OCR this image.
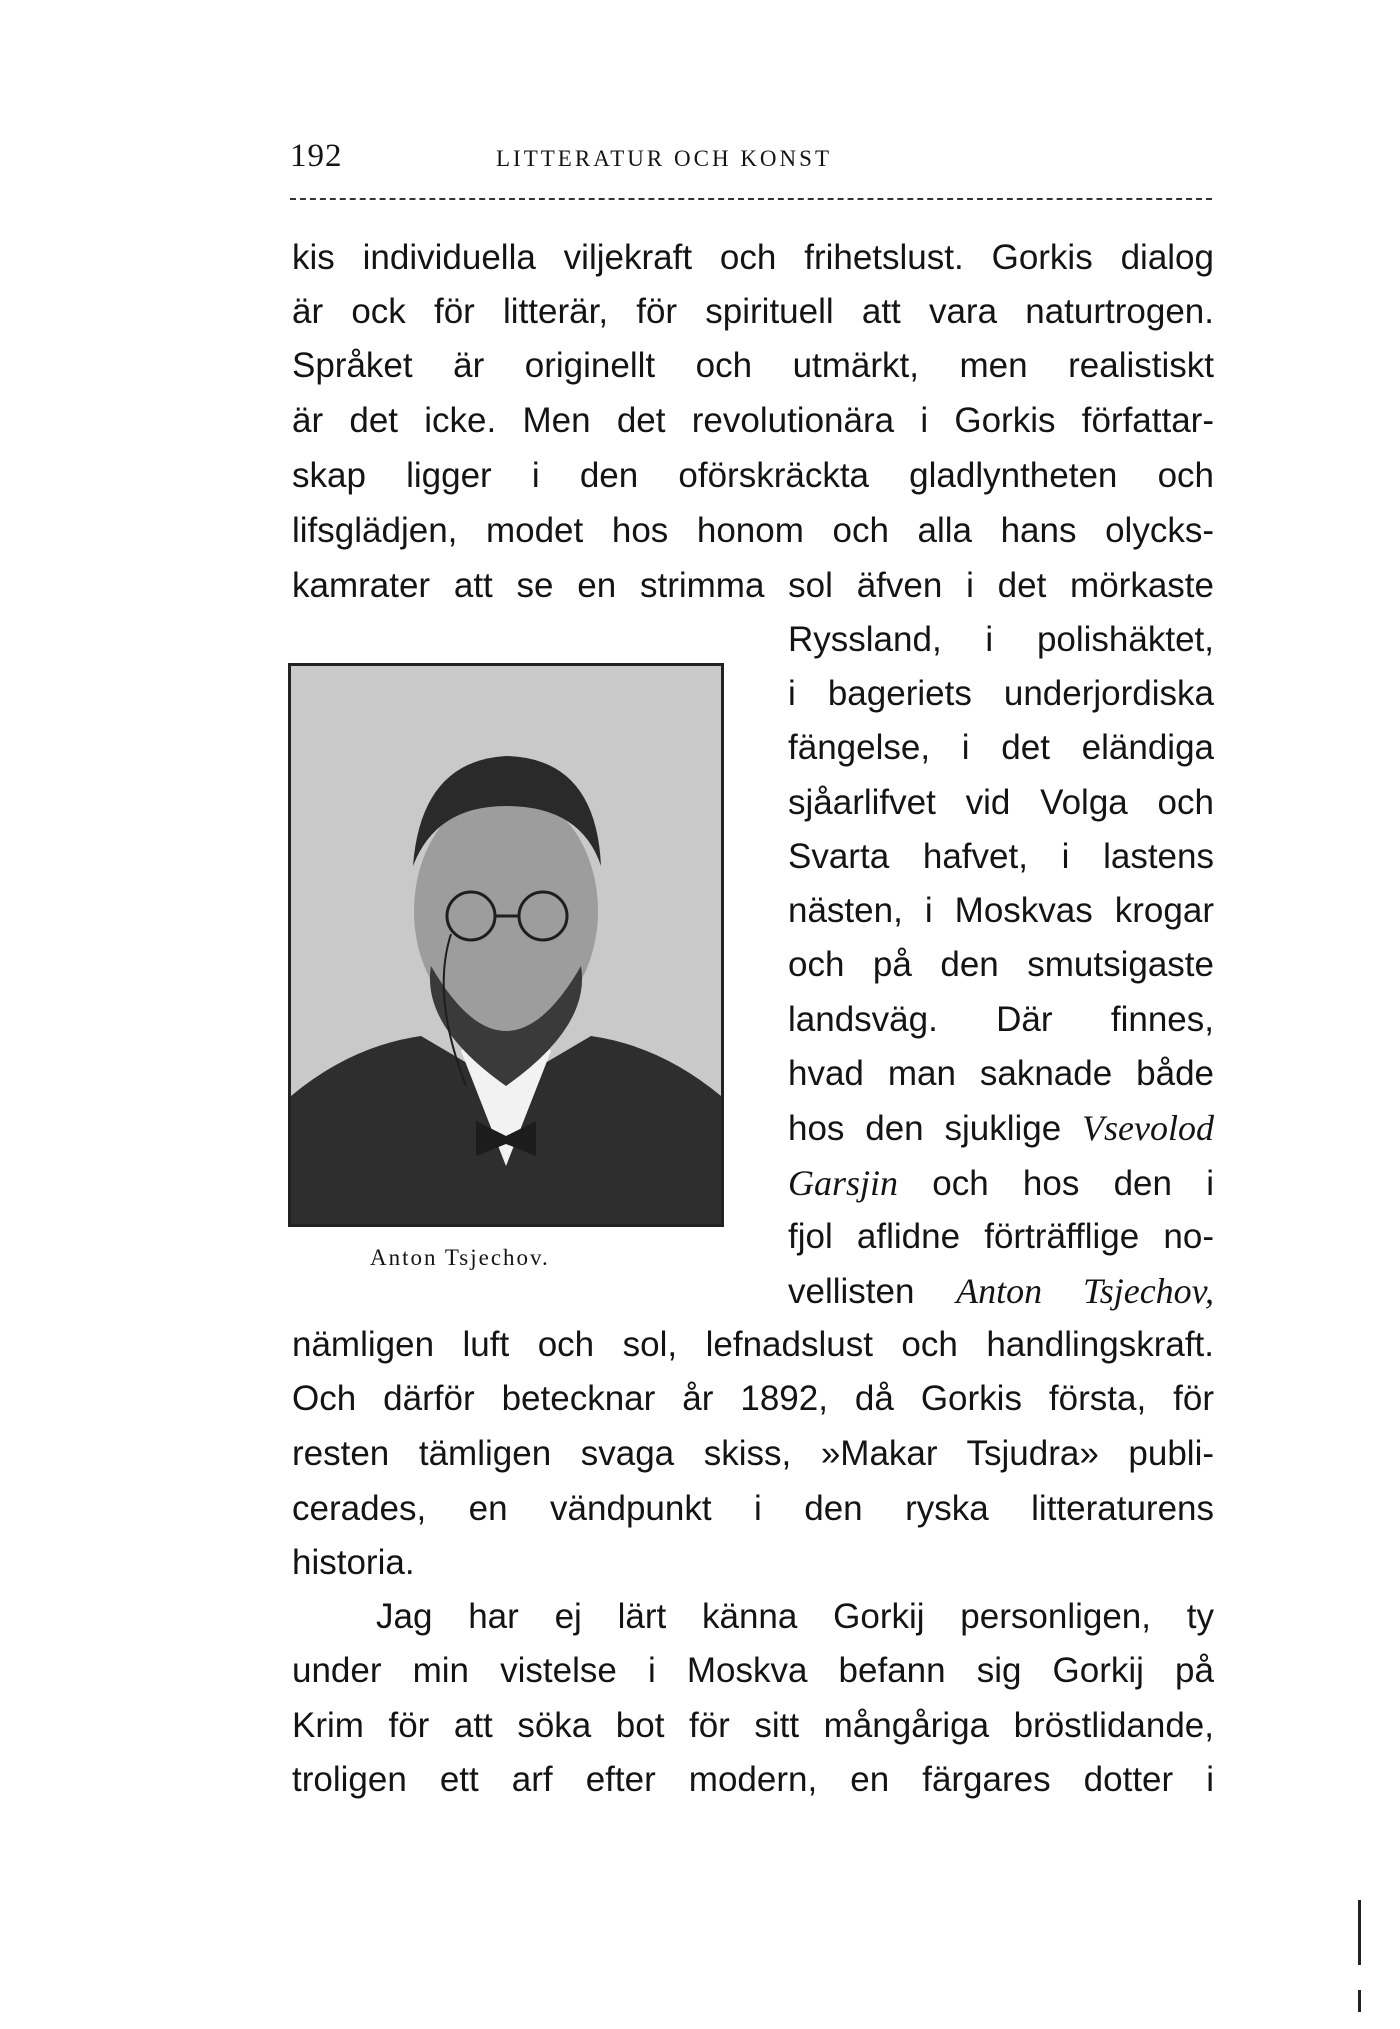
192	LITTERATUR OCH KONST
kis individuella viljekraft och frihetslust. Gorkis dialog
är ock för litterär, för spirituell att vara naturtrogen.
Språket är originellt och utmärkt, men realistiskt
är det icke. Men det revolutionära i Gorkis författar-
skap ligger i den oförskräckta gladlyntheten och
lifsglädjen, modet hos honom och alla hans olycks-
kamrater att se en strimma sol äfven i det mörkaste
Ryssland, i polishäktet,
i bageriets underjordiska
fängelse, i det eländiga
sjåarlifvet vid Volga och
Svarta hafvet, i lastens
nästen, i Moskvas krogar
och på den smutsigaste
landsväg. Där finnes,
hvad man saknade både
hos den sjuklige Vsevolod
Garsjin och hos den i
fjol aflidne förträfflige no-
vellisten Anton Tsjechov,
nämligen luft och sol, lefnadslust och handlingskraft.
Och därför betecknar år 1892, då Gorkis första, för
resten tämligen svaga skiss, »Makar Tsjudra» publi-
cerades, en vändpunkt i den ryska litteraturens
historia.
Jag har ej lärt känna Gorkij personligen, ty
under min vistelse i Moskva befann sig Gorkij på
Krim för att söka bot för sitt mångåriga bröstlidande,
troligen ett arf efter modern, en färgares dotter i
Anton Tsjechov.
